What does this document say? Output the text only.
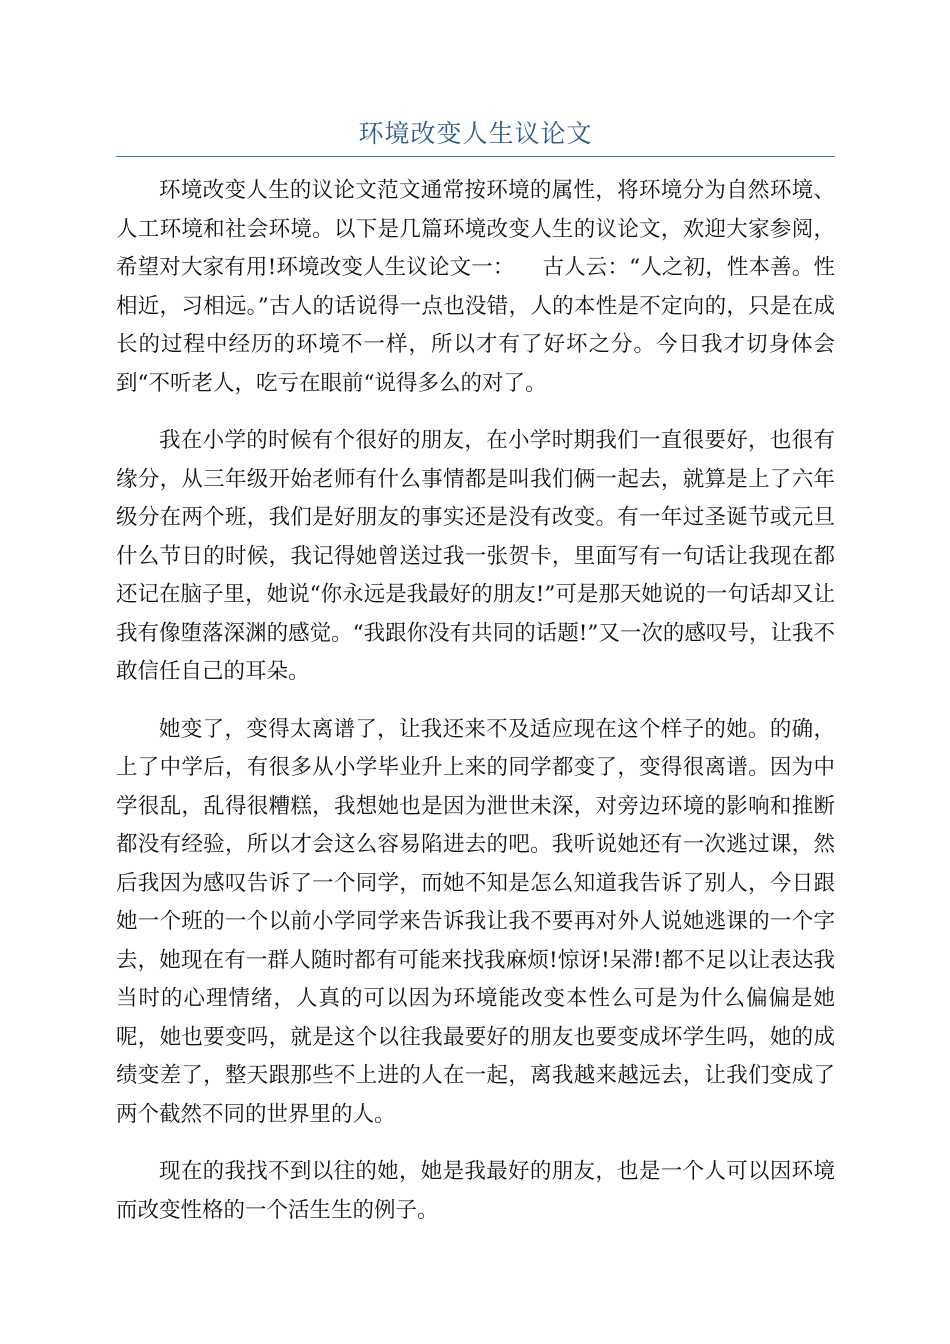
环境改变人生议论文

环境改变人生的议论文范文通常按环境的属性，将环境分为自然环境、人工环境和社会环境。以下是几篇环境改变人生的议论文，欢迎大家参阅，希望对大家有用!环境改变人生议论文一：    古人云：“人之初，性本善。性相近，习相远。”古人的话说得一点也没错，人的本性是不定向的，只是在成长的过程中经历的环境不一样，所以才有了好坏之分。今日我才切身体会到“不听老人，吃亏在眼前“说得多么的对了。

我在小学的时候有个很好的朋友，在小学时期我们一直很要好，也很有缘分，从三年级开始老师有什么事情都是叫我们俩一起去，就算是上了六年级分在两个班，我们是好朋友的事实还是没有改变。有一年过圣诞节或元旦什么节日的时候，我记得她曾送过我一张贺卡，里面写有一句话让我现在都还记在脑子里，她说“你永远是我最好的朋友!”可是那天她说的一句话却又让我有像堕落深渊的感觉。“我跟你没有共同的话题!”又一次的感叹号，让我不敢信任自己的耳朵。

她变了，变得太离谱了，让我还来不及适应现在这个样子的她。的确，上了中学后，有很多从小学毕业升上来的同学都变了，变得很离谱。因为中学很乱，乱得很糟糕，我想她也是因为泄世未深，对旁边环境的影响和推断都没有经验，所以才会这么容易陷进去的吧。我听说她还有一次逃过课，然后我因为感叹告诉了一个同学，而她不知是怎么知道我告诉了别人，今日跟她一个班的一个以前小学同学来告诉我让我不要再对外人说她逃课的一个字去，她现在有一群人随时都有可能来找我麻烦!惊讶!呆滞!都不足以让表达我当时的心理情绪，人真的可以因为环境能改变本性么可是为什么偏偏是她呢，她也要变吗，就是这个以往我最要好的朋友也要变成坏学生吗，她的成绩变差了，整天跟那些不上进的人在一起，离我越来越远去，让我们变成了两个截然不同的世界里的人。

现在的我找不到以往的她，她是我最好的朋友，也是一个人可以因环境而改变性格的一个活生生的例子。
